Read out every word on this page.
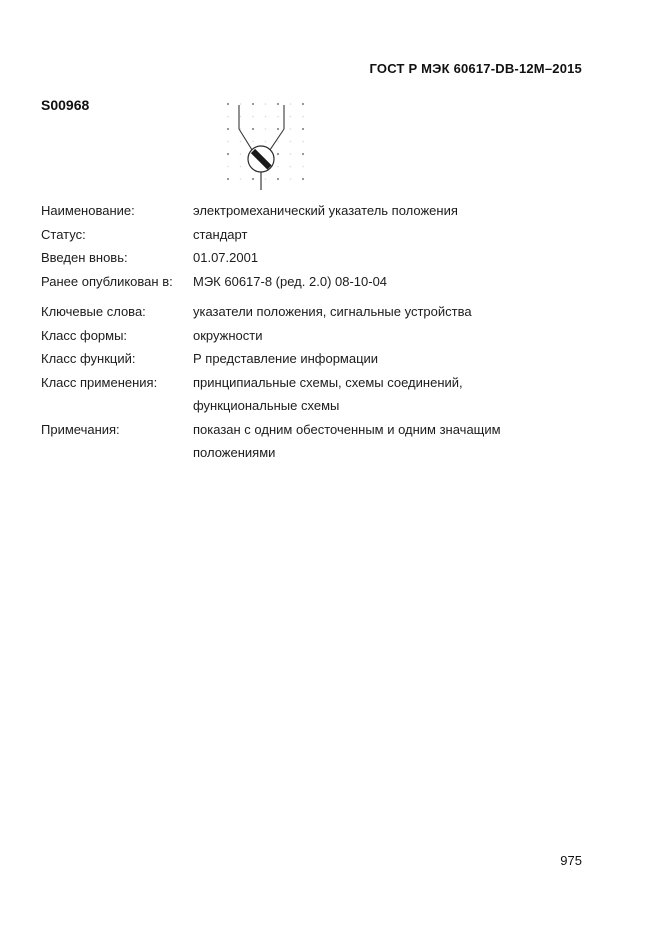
ГОСТ Р МЭК 60617-DB-12M–2015
S00968
Наименование:	электромеханический указатель положения
Статус:	стандарт
Введен вновь:	01.07.2001
Ранее опубликован в:	МЭК 60617-8 (ред. 2.0) 08-10-04
Ключевые слова:	указатели положения, сигнальные устройства
Класс формы:	окружности
Класс функций:	Р представление информации
Класс применения:	принципиальные схемы, схемы соединений,
функциональные схемы
Примечания:	показан с одним обесточенным и одним значащим
положениями
975
